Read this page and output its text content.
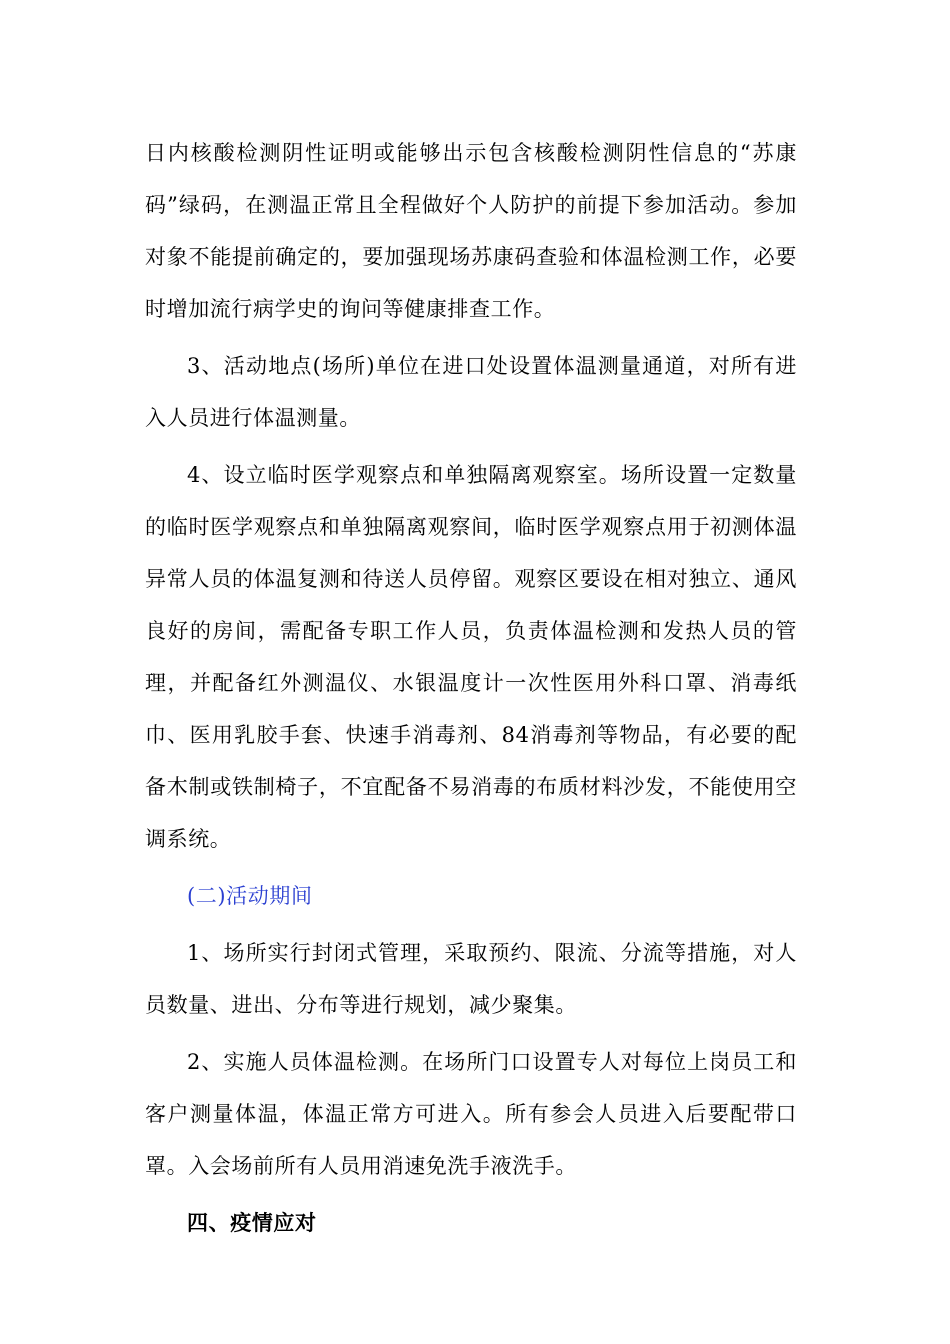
日内核酸检测阴性证明或能够出示包含核酸检测阴性信息的“苏康码”绿码，在测温正常且全程做好个人防护的前提下参加活动。参加对象不能提前确定的，要加强现场苏康码查验和体温检测工作，必要时增加流行病学史的询问等健康排查工作。

3、活动地点(场所)单位在进口处设置体温测量通道，对所有进入人员进行体温测量。

4、设立临时医学观察点和单独隔离观察室。场所设置一定数量的临时医学观察点和单独隔离观察间，临时医学观察点用于初测体温异常人员的体温复测和待送人员停留。观察区要设在相对独立、通风良好的房间，需配备专职工作人员，负责体温检测和发热人员的管理，并配备红外测温仪、水银温度计一次性医用外科口罩、消毒纸巾、医用乳胶手套、快速手消毒剂、84消毒剂等物品，有必要的配备木制或铁制椅子，不宜配备不易消毒的布质材料沙发，不能使用空调系统。

(二)活动期间

1、场所实行封闭式管理，采取预约、限流、分流等措施，对人员数量、进出、分布等进行规划，减少聚集。

2、实施人员体温检测。在场所门口设置专人对每位上岗员工和客户测量体温，体温正常方可进入。所有参会人员进入后要配带口罩。入会场前所有人员用消速免洗手液洗手。

四、疫情应对
